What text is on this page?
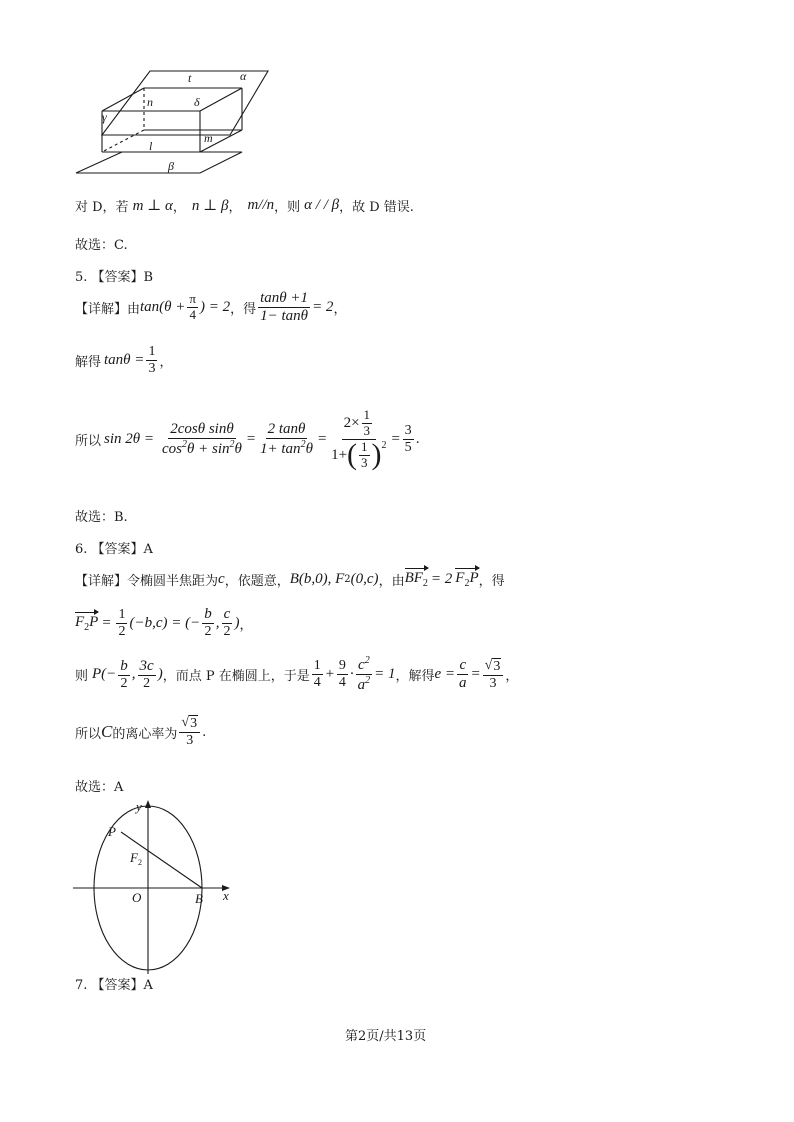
t	α
n	δ
γ
m
l
β
对 D，若 m ⊥ α ， n ⊥ β ， m//n ，则 α / / β ，故 D 错误.
故选：C.
5. 【答案】B
【详解】由 $\tan(\theta + \frac{\pi}{4}$ ) = 2 ，得 $\frac{\tan\theta +1}{1- \tan\theta} = 2$ ，
解得 $\tan\theta = \frac{1}{3}$ ，
所以 $\sin 2\theta = \frac{\text{2cosθ sinθ}}{\cos^2\theta + \sin^2\theta} = \frac{2 \tan\theta}{1+ \tan^2\theta} = \frac{2\times \frac{1}{3}}{1+ ( \frac{1}{3} ) 2} = \frac{3}{5}$ .
故选：B.
6. 【答案】A
【详解】令椭圆半焦距为 c ，依题意， B(b,0), F 2 (0,c) ，由 $BF_2 = 2$ $F_2P$ ，得
$F_2P = \frac{1}{2} (-b,c)$ = (− $\frac{b}{2}$ , $\frac{c}{2}$ ) ，
则 $P(- \frac{b}{2}$ , $\frac{3c}{2}$ ) ，而点 P 在椭圆上，于是 $\frac{1}{4} + \frac{9}{4} \cdot \frac{c^2}{a^2} = 1$ ，解得 $e = \frac{c}{a} = \frac{√ 3}{3}$ ，
所以 C 的离心率为 $\frac{√ 3}{3}$ .
故选：A
y
P
$F_2$
O	B x
7. 【答案】A
第2页/共13页
